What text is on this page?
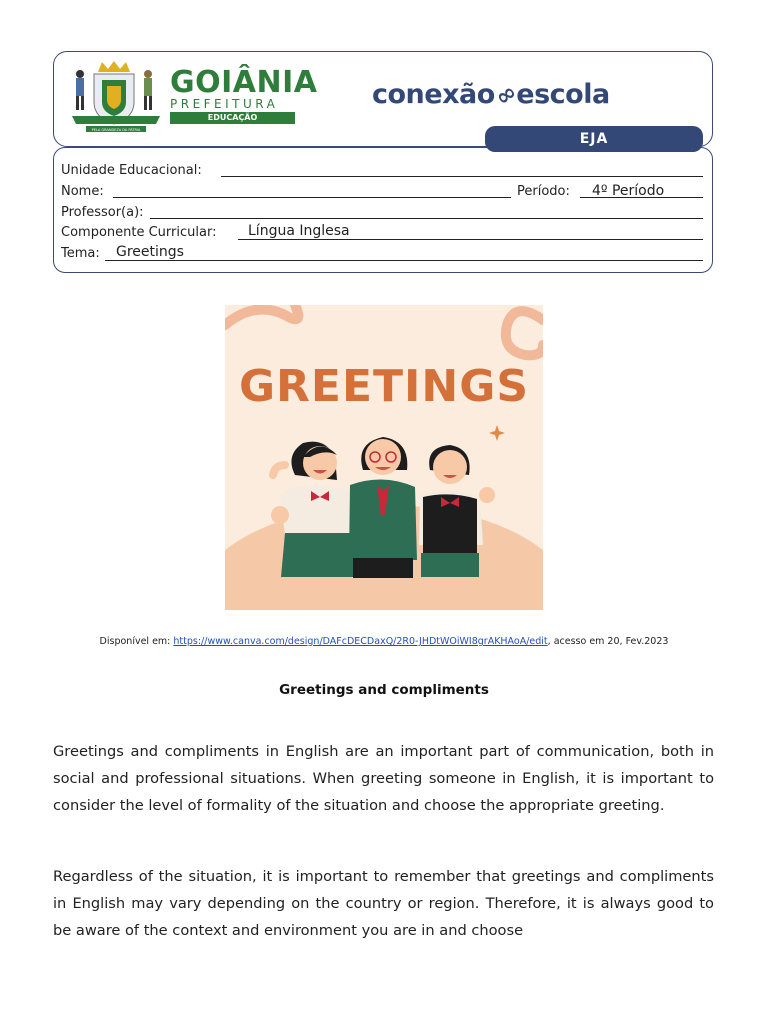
PELA GRANDEZA DA PÁTRIA
GOIÂNIA
PREFEITURA
EDUCAÇÃO
conexão∞escola
EJA
Unidade Educacional:
Nome:	Período: 4º Período
Professor(a):
Componente Curricular: Língua Inglesa
Tema: Greetings
GREETINGS
Disponível em: https://www.canva.com/design/DAFcDECDaxQ/2R0-JHDtWOiWI8grAKHAoA/edit, acesso em 20, Fev.2023
Greetings and compliments

Greetings and compliments in English are an important part of communication, both in social and professional situations. When greeting someone in English, it is important to consider the level of formality of the situation and choose the appropriate greeting.

Regardless of the situation, it is important to remember that greetings and compliments in English may vary depending on the country or region. Therefore, it is always good to be aware of the context and environment you are in and choose
